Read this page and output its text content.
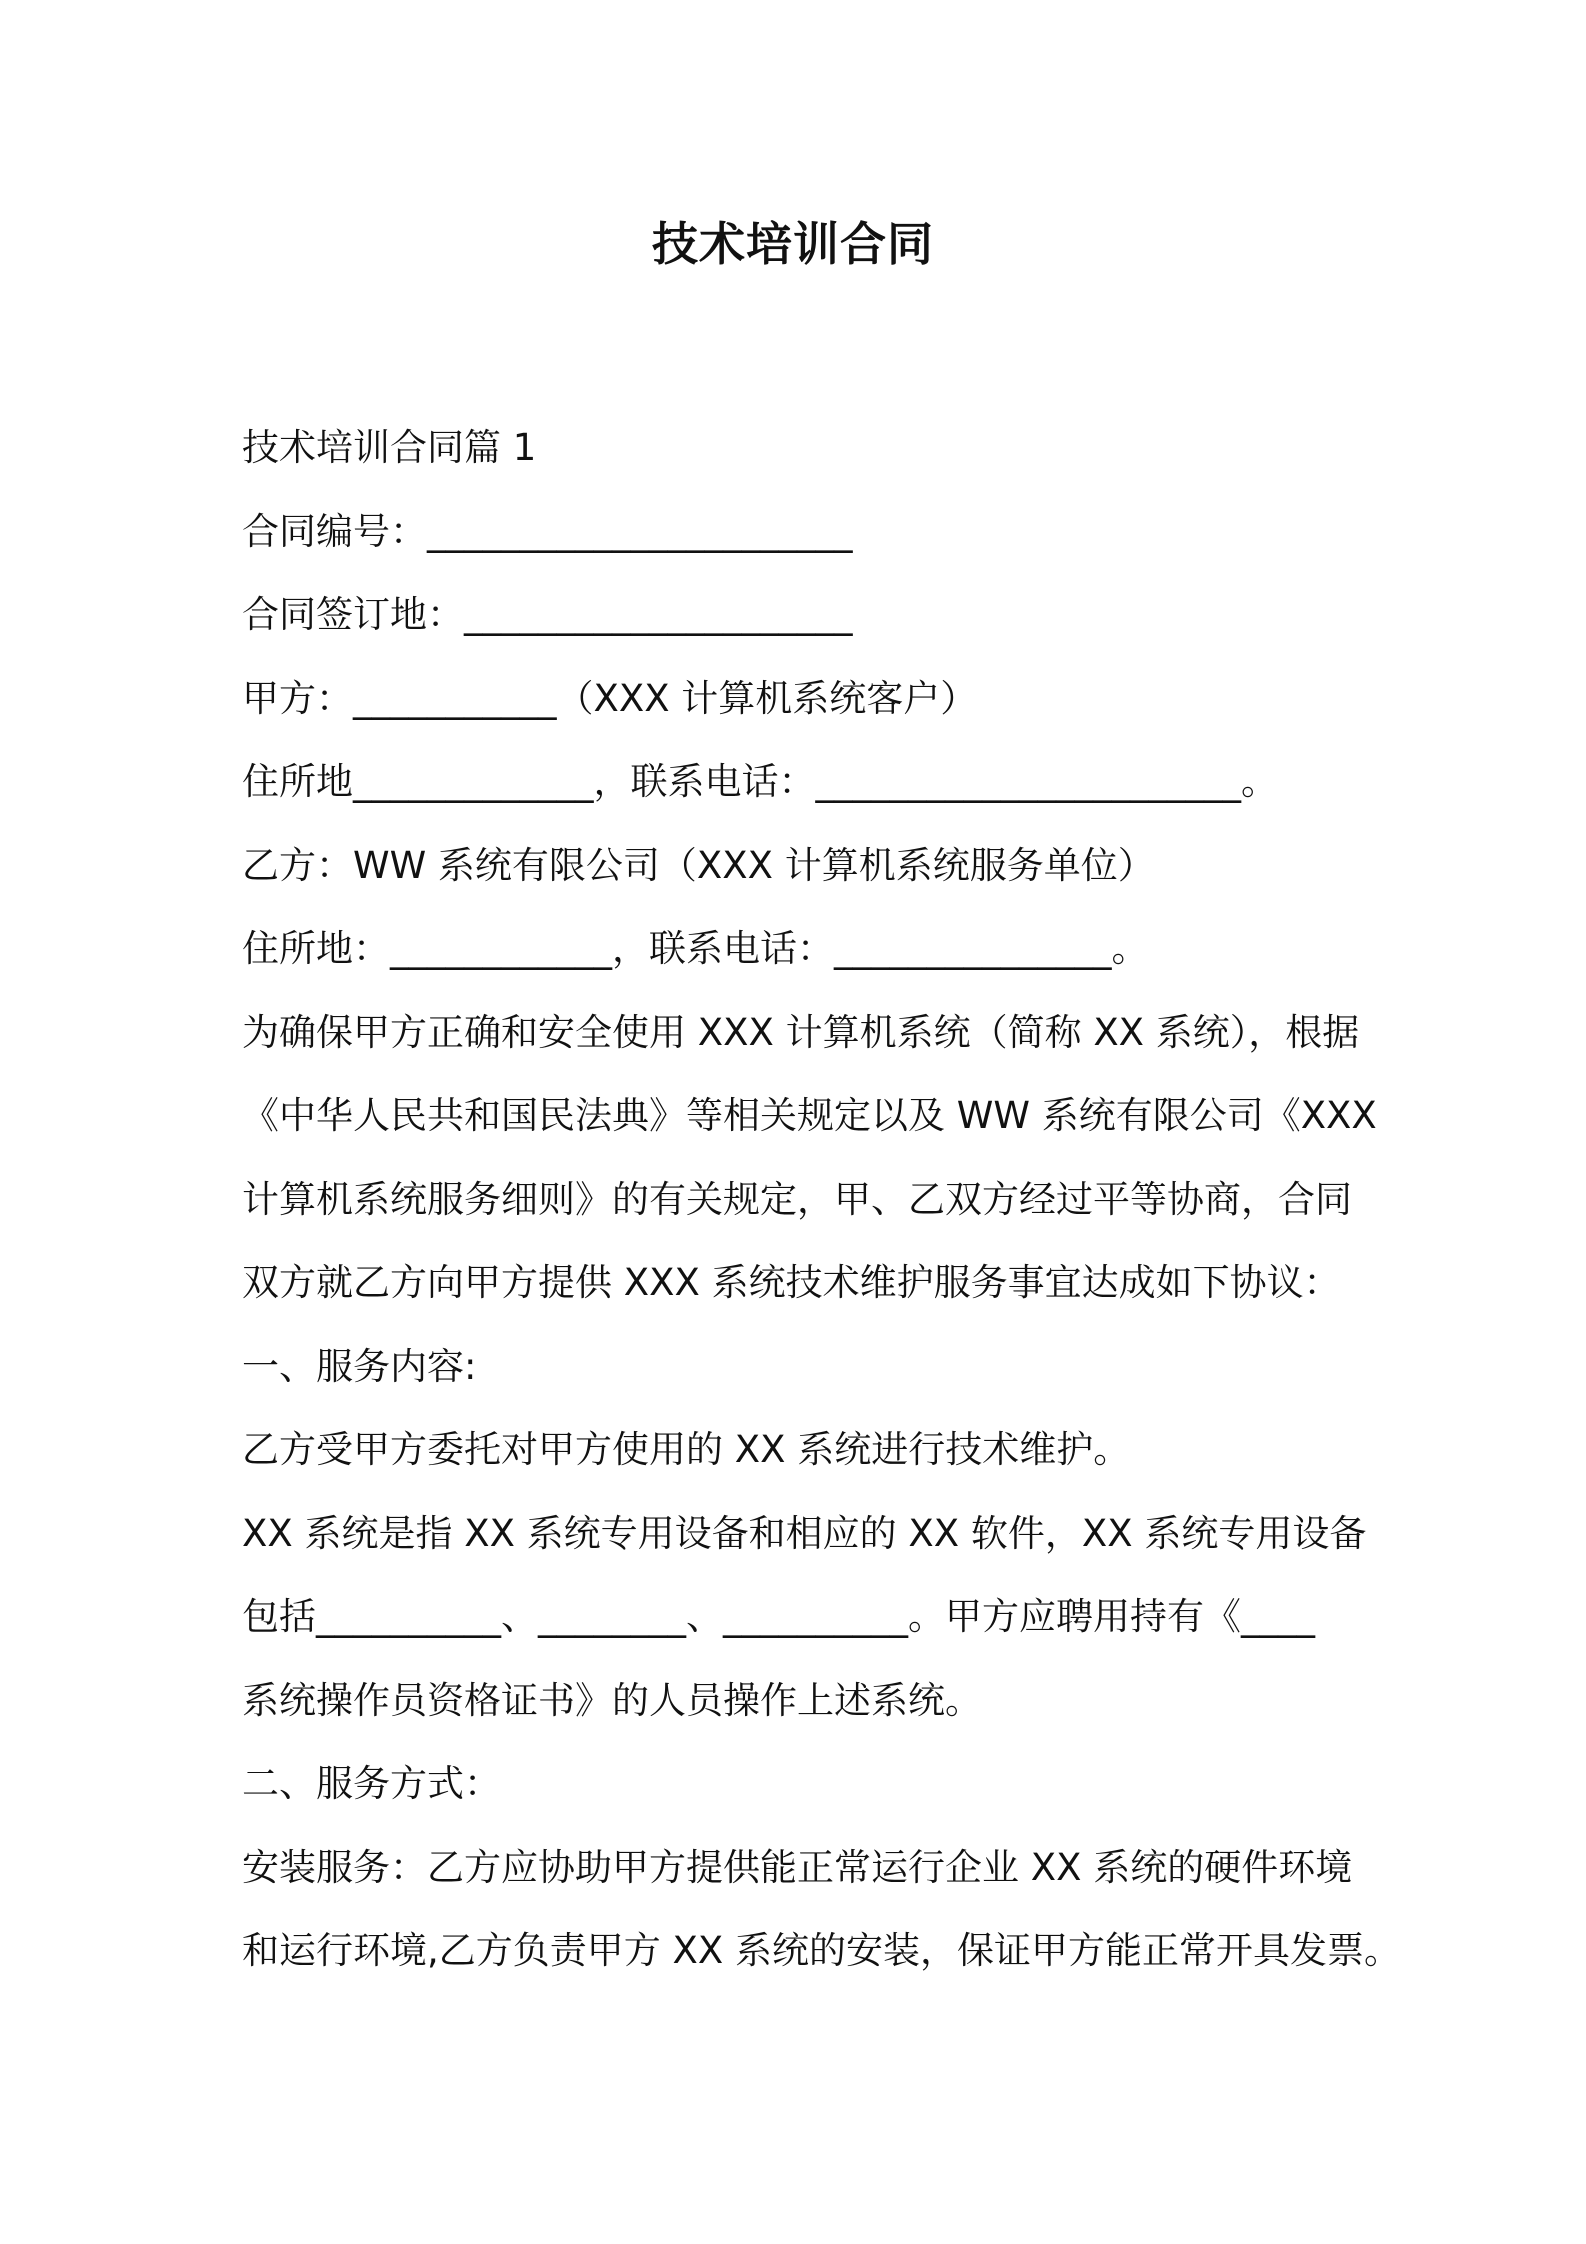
技术培训合同
技术培训合同篇 1
合同编号：_______________________
合同签订地：_____________________
甲方：___________（XXX 计算机系统客户）
住所地_____________，联系电话：_______________________。
乙方：WW 系统有限公司（XXX 计算机系统服务单位）
住所地：____________，联系电话：_______________。
为确保甲方正确和安全使用 XXX 计算机系统（简称 XX 系统），根据
《中华人民共和国民法典》等相关规定以及 WW 系统有限公司《XXX
计算机系统服务细则》的有关规定，甲、乙双方经过平等协商，合同
双方就乙方向甲方提供 XXX 系统技术维护服务事宜达成如下协议：
一、服务内容:
乙方受甲方委托对甲方使用的 XX 系统进行技术维护。
XX 系统是指 XX 系统专用设备和相应的 XX 软件，XX 系统专用设备
包括__________、________、__________。甲方应聘用持有《____
系统操作员资格证书》的人员操作上述系统。
二、服务方式：
安装服务：乙方应协助甲方提供能正常运行企业 XX 系统的硬件环境
和运行环境,乙方负责甲方 XX 系统的安装，保证甲方能正常开具发票。
